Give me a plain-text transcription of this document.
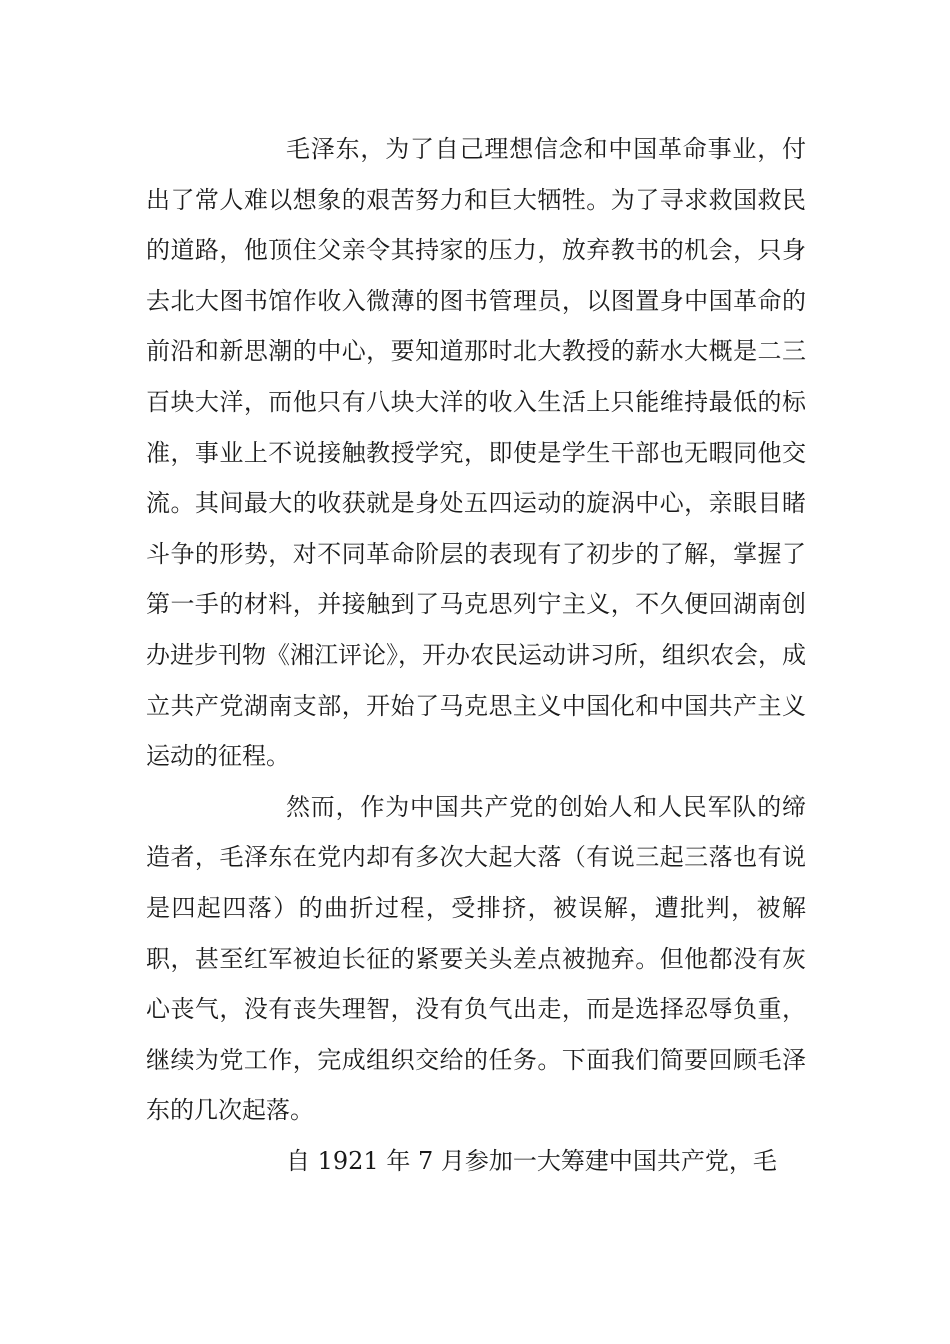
毛泽东，为了自己理想信念和中国革命事业，付出了常人难以想象的艰苦努力和巨大牺牲。为了寻求救国救民的道路，他顶住父亲令其持家的压力，放弃教书的机会，只身去北大图书馆作收入微薄的图书管理员，以图置身中国革命的前沿和新思潮的中心，要知道那时北大教授的薪水大概是二三百块大洋，而他只有八块大洋的收入生活上只能维持最低的标准，事业上不说接触教授学究，即使是学生干部也无暇同他交流。其间最大的收获就是身处五四运动的旋涡中心，亲眼目睹斗争的形势，对不同革命阶层的表现有了初步的了解，掌握了第一手的材料，并接触到了马克思列宁主义，不久便回湖南创办进步刊物《湘江评论》，开办农民运动讲习所，组织农会，成立共产党湖南支部，开始了马克思主义中国化和中国共产主义运动的征程。

然而，作为中国共产党的创始人和人民军队的缔造者，毛泽东在党内却有多次大起大落（有说三起三落也有说是四起四落）的曲折过程，受排挤，被误解，遭批判，被解职，甚至红军被迫长征的紧要关头差点被抛弃。但他都没有灰心丧气，没有丧失理智，没有负气出走，而是选择忍辱负重，继续为党工作，完成组织交给的任务。下面我们简要回顾毛泽东的几次起落。

自 1921 年 7 月参加一大筹建中国共产党，毛
